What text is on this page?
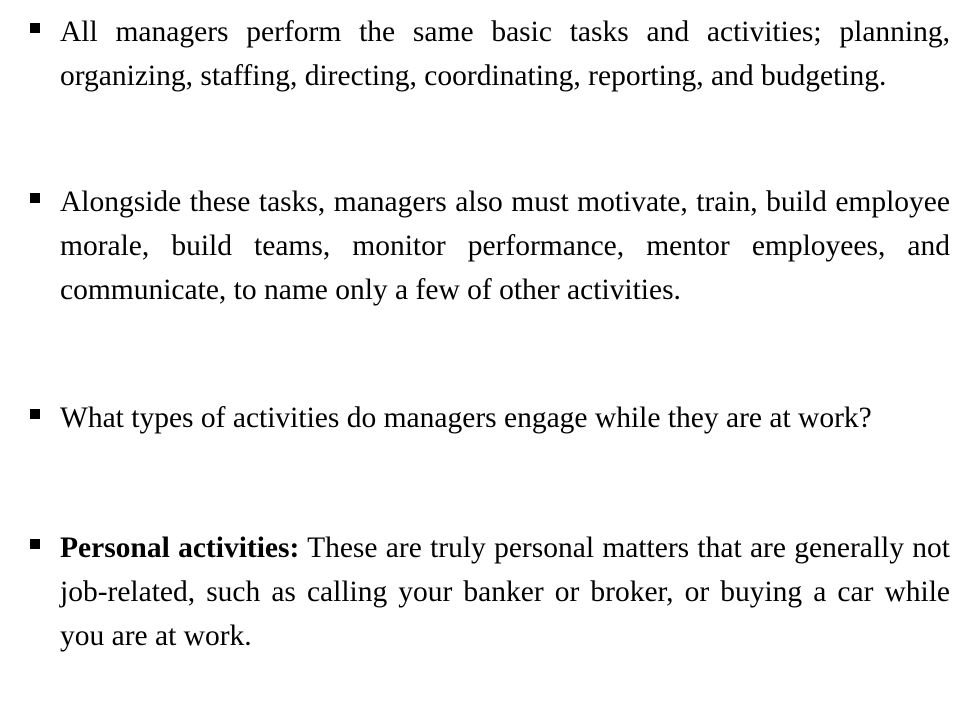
All managers perform the same basic tasks and activities; planning, organizing, staffing, directing, coordinating, reporting, and budgeting.

Alongside these tasks, managers also must motivate, train, build employee morale, build teams, monitor performance, mentor employees, and communicate, to name only a few of other activities.

What types of activities do managers engage while they are at work?

Personal activities: These are truly personal matters that are generally not job-related, such as calling your banker or broker, or buying a car while you are at work.
